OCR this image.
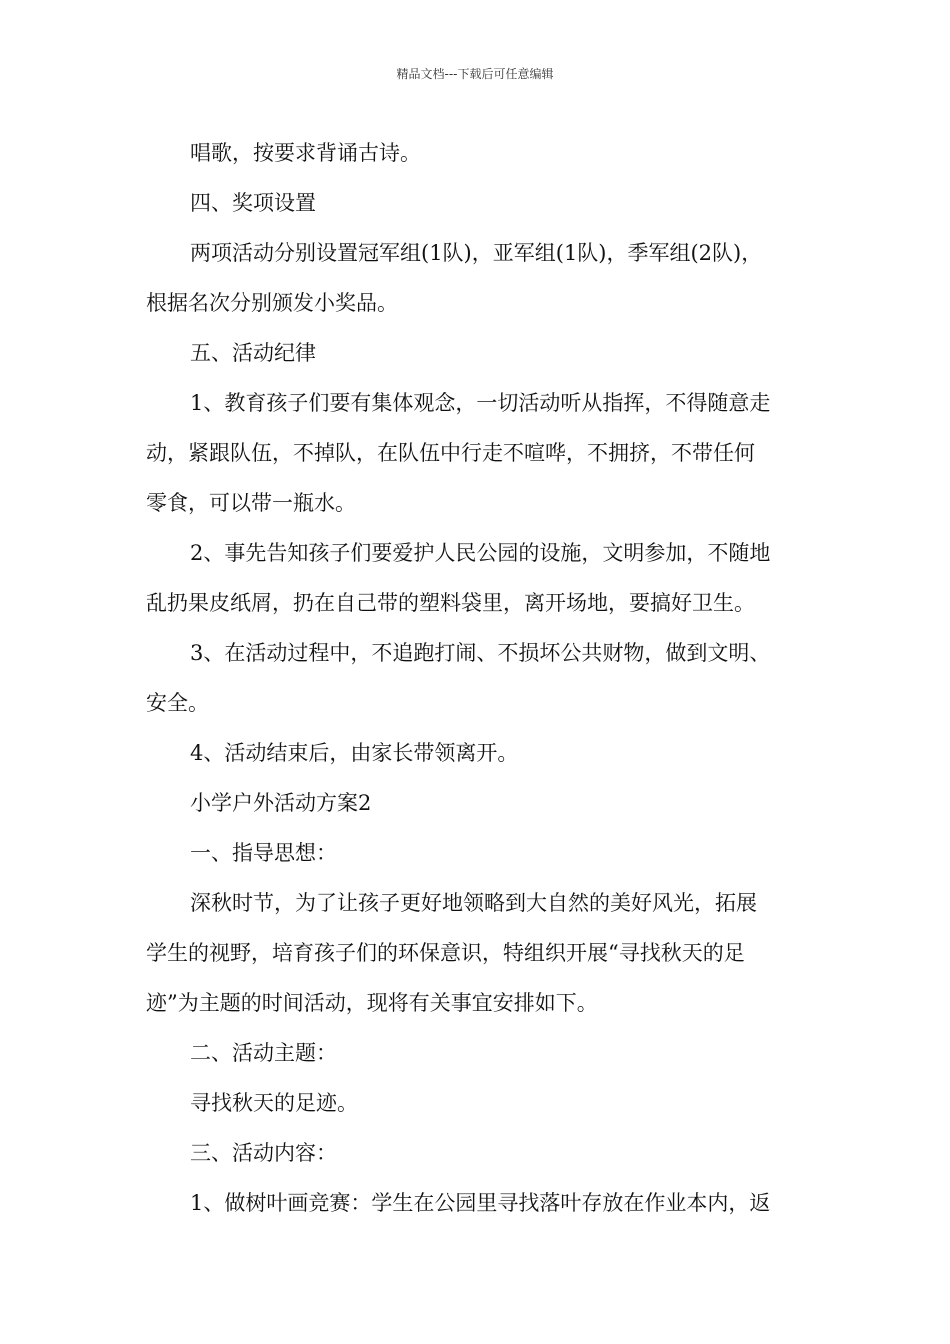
精品文档---下载后可任意编辑
唱歌，按要求背诵古诗。
四、奖项设置
两项活动分别设置冠军组(1队)，亚军组(1队)，季军组(2队)，
根据名次分别颁发小奖品。
五、活动纪律
1、教育孩子们要有集体观念，一切活动听从指挥，不得随意走
动，紧跟队伍，不掉队，在队伍中行走不喧哗，不拥挤，不带任何
零食，可以带一瓶水。
2、事先告知孩子们要爱护人民公园的设施，文明参加，不随地
乱扔果皮纸屑，扔在自己带的塑料袋里，离开场地，要搞好卫生。
3、在活动过程中，不追跑打闹、不损坏公共财物，做到文明、
安全。
4、活动结束后，由家长带领离开。
小学户外活动方案2
一、指导思想：
深秋时节，为了让孩子更好地领略到大自然的美好风光，拓展
学生的视野，培育孩子们的环保意识，特组织开展“寻找秋天的足
迹”为主题的时间活动，现将有关事宜安排如下。
二、活动主题：
寻找秋天的足迹。
三、活动内容：
1、做树叶画竞赛：学生在公园里寻找落叶存放在作业本内，返
